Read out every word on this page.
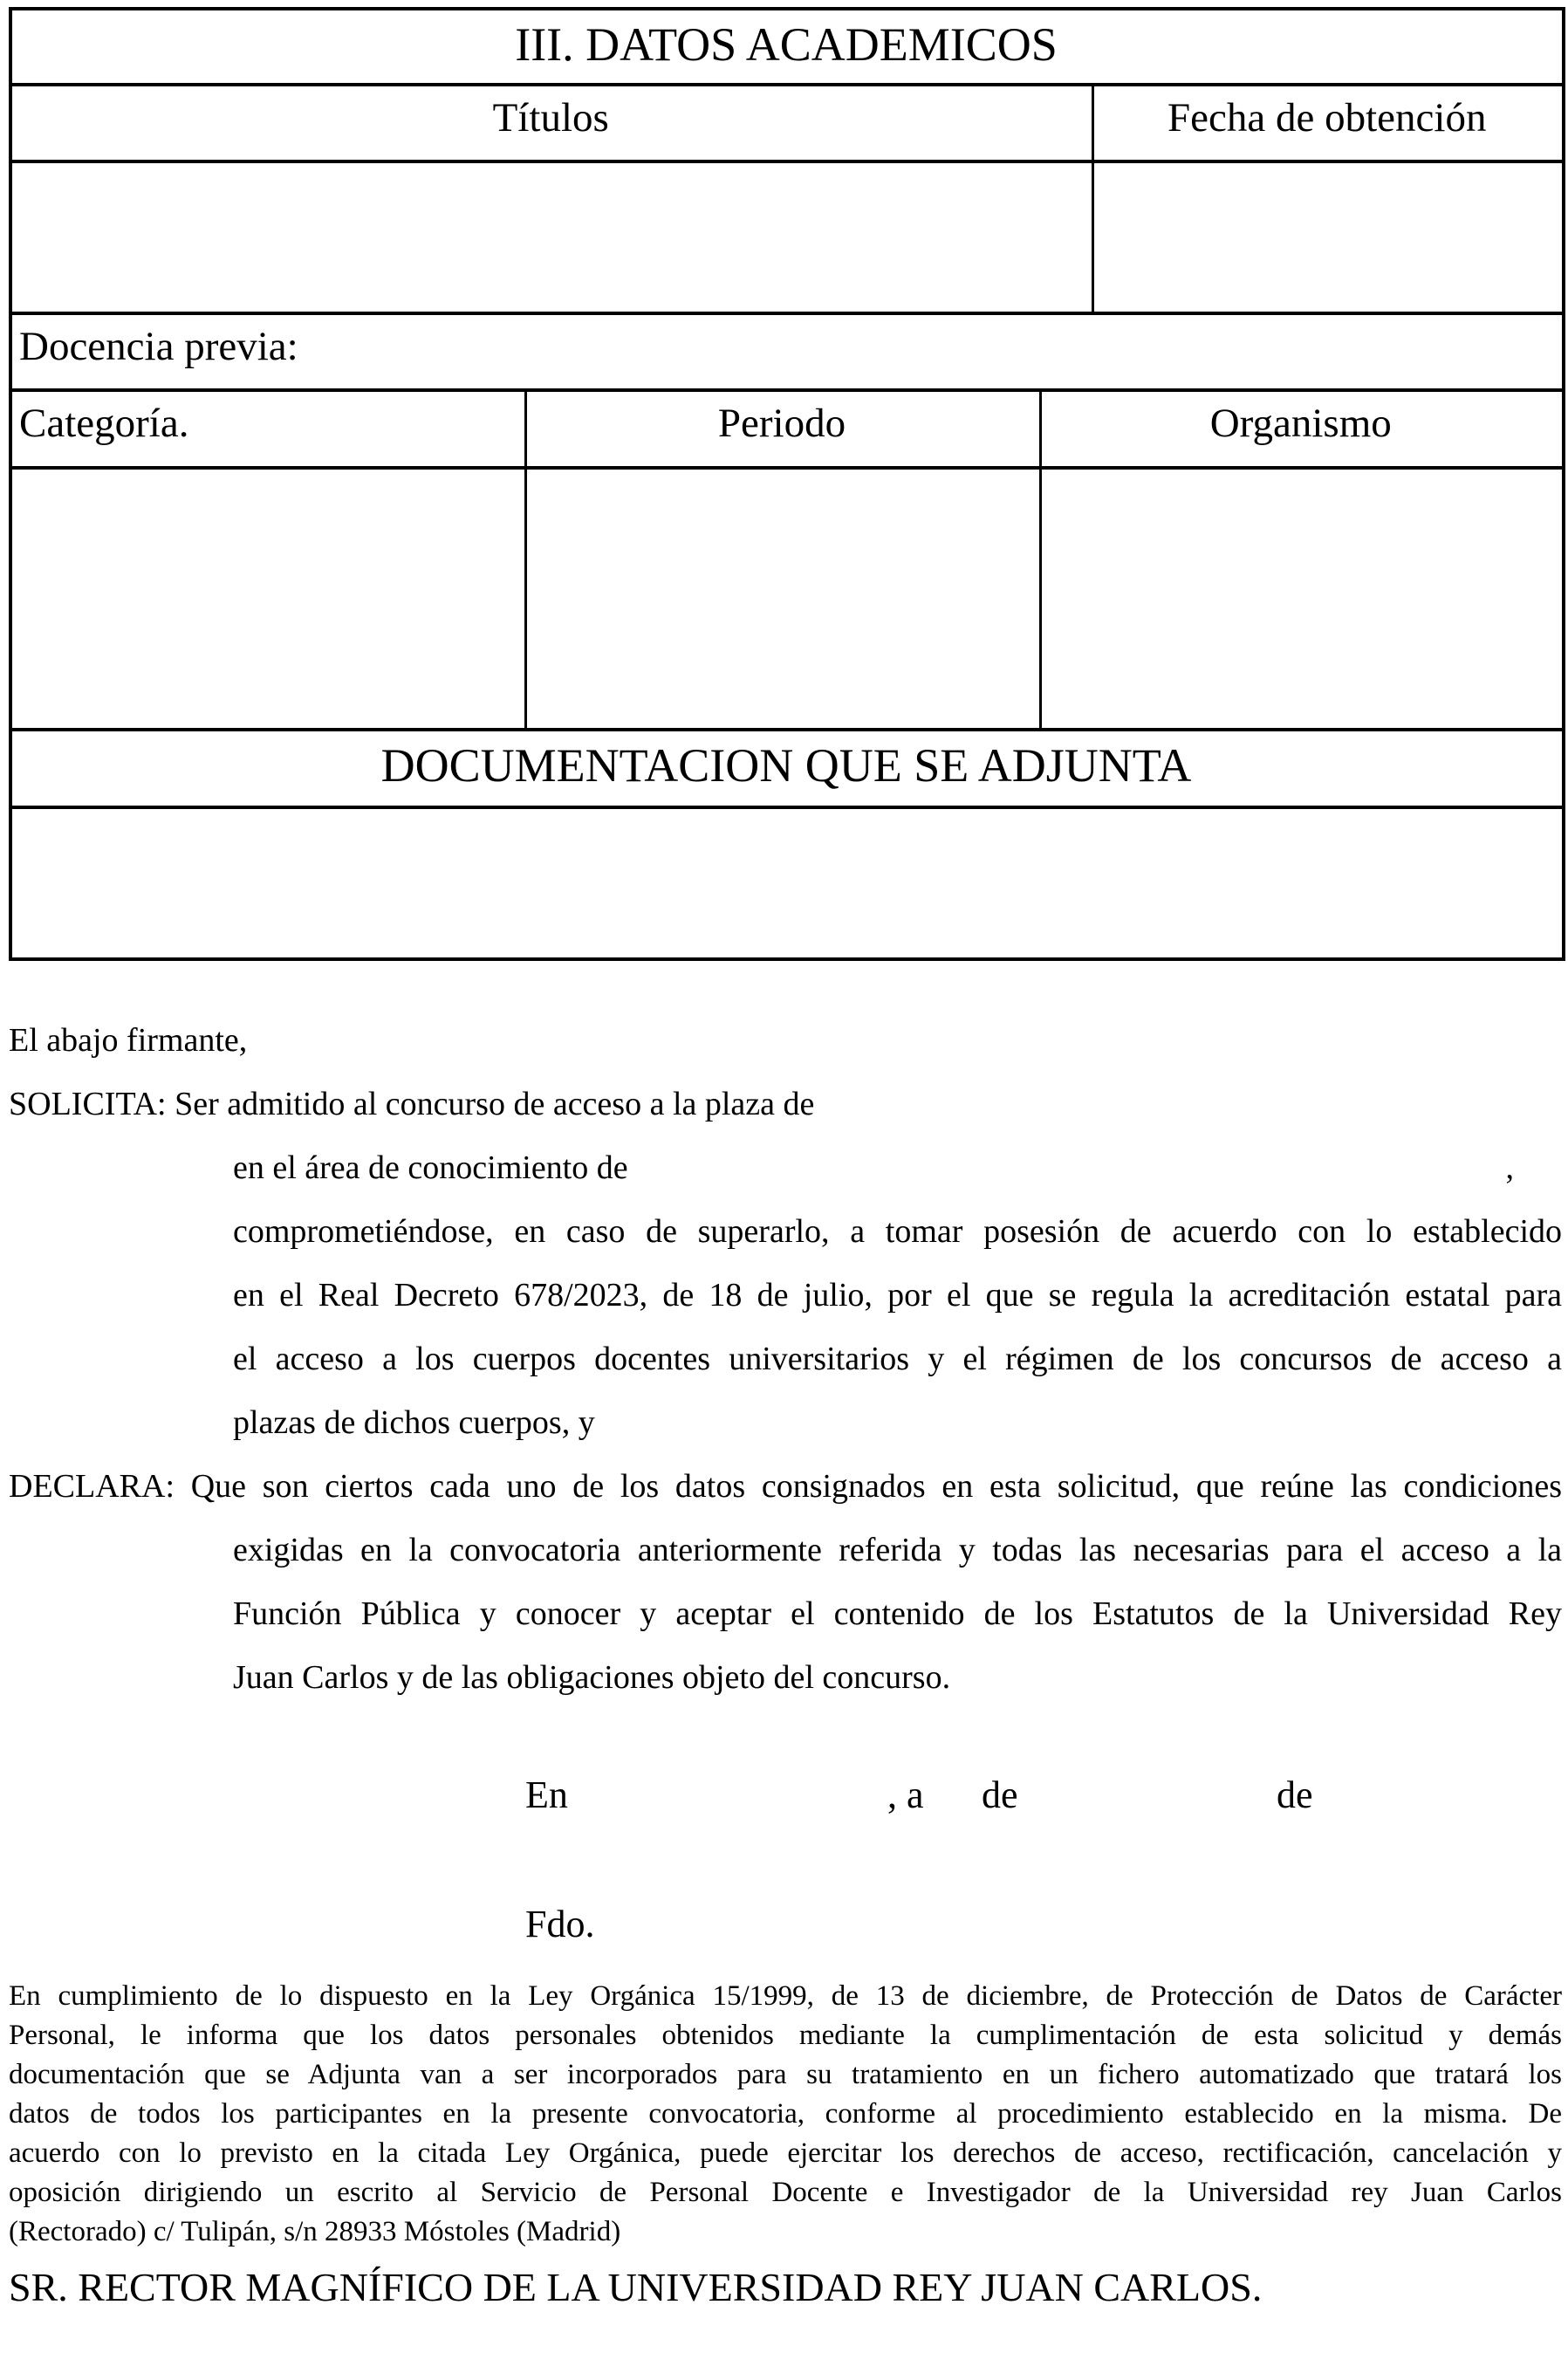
III. DATOS ACADEMICOS			
Títulos			Fecha de obtención

Docencia previa:			
Categoría.	Periodo	Organismo	

DOCUMENTACION QUE SE ADJUNTA			

El abajo firmante,
SOLICITA: Ser admitido al concurso de acceso a la plaza de
en el área de conocimiento de	,
comprometiéndose, en caso de superarlo, a tomar posesión de acuerdo con lo establecido
en el Real Decreto 678/2023, de 18 de julio, por el que se regula la acreditación estatal para
el acceso a los cuerpos docentes universitarios y el régimen de los concursos de acceso a
plazas de dichos cuerpos, y
DECLARA: Que son ciertos cada uno de los datos consignados en esta solicitud, que reúne las condiciones
exigidas en la convocatoria anteriormente referida y todas las necesarias para el acceso a la
Función Pública y conocer y aceptar el contenido de los Estatutos de la Universidad Rey
Juan Carlos y de las obligaciones objeto del concurso.
En	, a de	de
Fdo.
En cumplimiento de lo dispuesto en la Ley Orgánica 15/1999, de 13 de diciembre, de Protección de Datos de Carácter
Personal, le informa que los datos personales obtenidos mediante la cumplimentación de esta solicitud y demás
documentación que se Adjunta van a ser incorporados para su tratamiento en un fichero automatizado que tratará los
datos de todos los participantes en la presente convocatoria, conforme al procedimiento establecido en la misma. De
acuerdo con lo previsto en la citada Ley Orgánica, puede ejercitar los derechos de acceso, rectificación, cancelación y
oposición dirigiendo un escrito al Servicio de Personal Docente e Investigador de la Universidad rey Juan Carlos
(Rectorado) c/ Tulipán, s/n 28933 Móstoles (Madrid)
SR. RECTOR MAGNÍFICO DE LA UNIVERSIDAD REY JUAN CARLOS.
